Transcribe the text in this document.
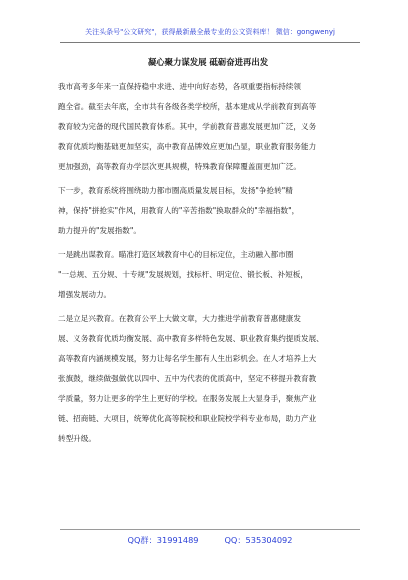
关注头条号"公文研究"，获得最新最全最专业的公文资料库！ 微信：gongwenyj
凝心聚力谋发展 砥砺奋进再出发
我市高考多年来一直保持稳中求进、进中向好态势，各项重要指标持续领
跑全省。截至去年底，全市共有各级各类学校所，基本建成从学前教育到高等
教育较为完备的现代国民教育体系。其中，学前教育普惠发展更加广泛，义务
教育优质均衡基础更加坚实，高中教育品牌效应更加凸显，职业教育服务能力
更加强劲，高等教育办学层次更具规模，特殊教育保障覆盖面更加广泛。
下一步，教育系统将围绕助力都市圈高质量发展目标，发扬"争抢转"精
神，保持"拼抢实"作风，用教育人的"辛苦指数"换取群众的"幸福指数"，
助力提升的"发展指数"。
一是跳出谋教育。瞄准打造区域教育中心的目标定位，主动融入都市圈
"一总规、五分规、十专规"发展规划，找标杆、明定位、锻长板、补短板，
增强发展动力。
二是立足兴教育。在教育公平上大做文章，大力推进学前教育普惠健康发
展、义务教育优质均衡发展、高中教育多样特色发展、职业教育集约提质发展、
高等教育内涵规模发展，努力让每名学生都有人生出彩机会。在人才培养上大
张旗鼓，继续做强做优以四中、五中为代表的优质高中，坚定不移提升教育教
学质量，努力让更多的学生上更好的学校。在服务发展上大显身手，聚焦产业
链、招商链、大项目，统筹优化高等院校和职业院校学科专业布局，助力产业
转型升级。
QQ群：31991489	QQ：535304092
